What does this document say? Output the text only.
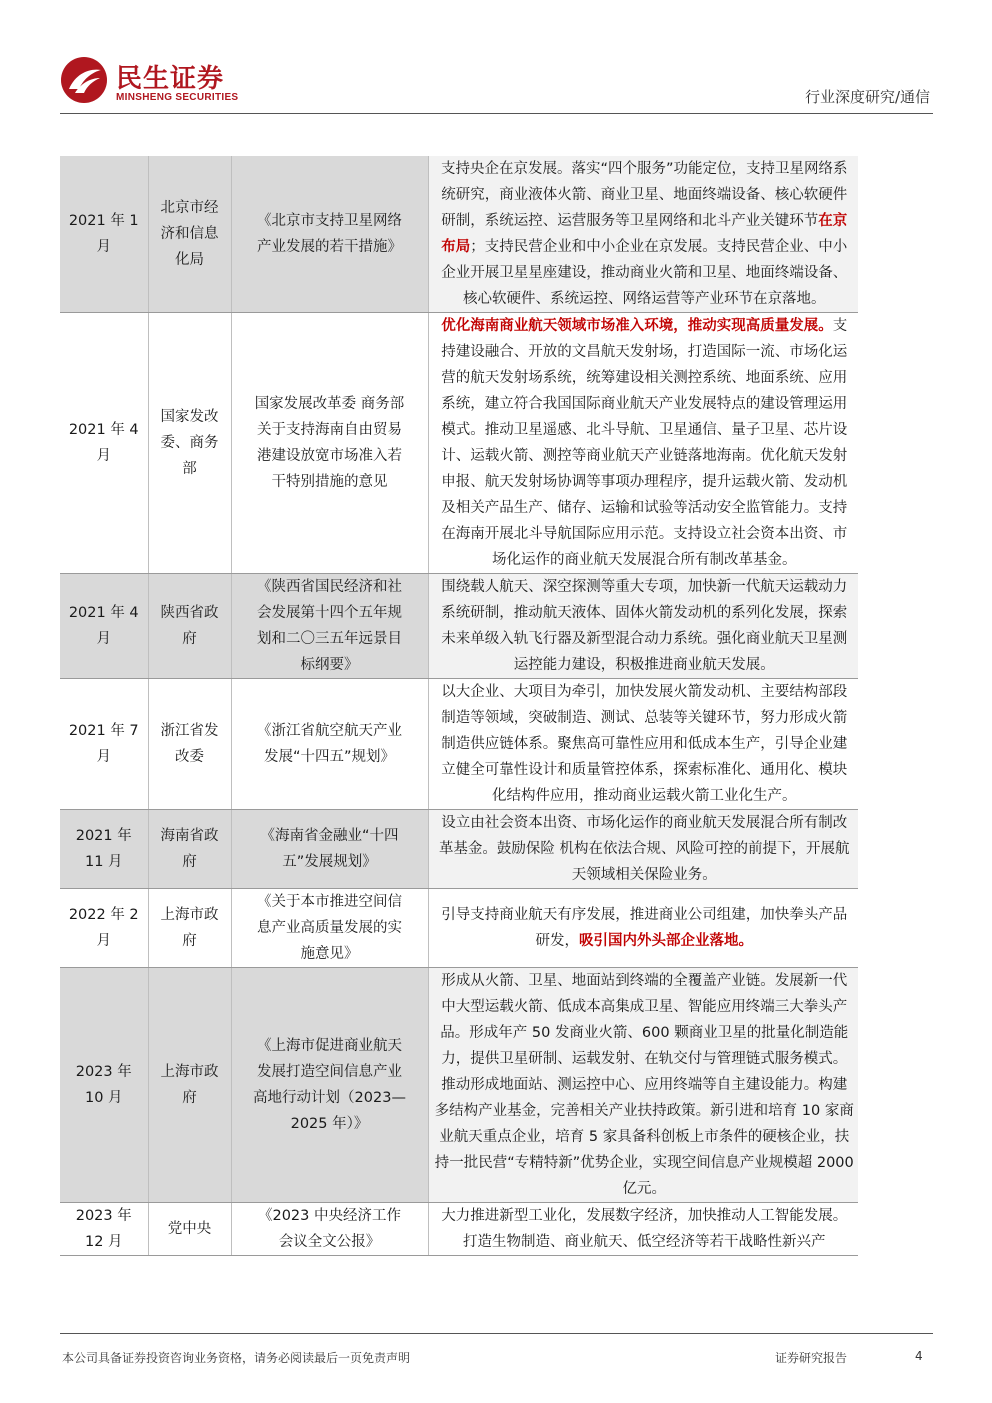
民生证券
MINSHENG SECURITIES	行业深度研究/通信
2021 年 1 月	北京市经济和信息化局	《北京市支持卫星网络产业发展的若干措施》	支持央企在京发展。落实“四个服务”功能定位，支持卫星网络系统研究，商业液体火箭、商业卫星、地面终端设备、核心软硬件研制，系统运控、运营服务等卫星网络和北斗产业关键环节在京布局；支持民营企业和中小企业在京发展。支持民营企业、中小企业开展卫星星座建设，推动商业火箭和卫星、地面终端设备、核心软硬件、系统运控、网络运营等产业环节在京落地。
2021 年 4 月	国家发改委、商务部	国家发展改革委 商务部关于支持海南自由贸易港建设放宽市场准入若干特别措施的意见	优化海南商业航天领域市场准入环境，推动实现高质量发展。支持建设融合、开放的文昌航天发射场，打造国际一流、市场化运营的航天发射场系统，统筹建设相关测控系统、地面系统、应用系统，建立符合我国国际商业航天产业发展特点的建设管理运用模式。推动卫星遥感、北斗导航、卫星通信、量子卫星、芯片设计、运载火箭、测控等商业航天产业链落地海南。优化航天发射申报、航天发射场协调等事项办理程序，提升运载火箭、发动机及相关产品生产、储存、运输和试验等活动安全监管能力。支持在海南开展北斗导航国际应用示范。支持设立社会资本出资、市场化运作的商业航天发展混合所有制改革基金。
2021 年 4 月	陕西省政府	《陕西省国民经济和社会发展第十四个五年规划和二〇三五年远景目标纲要》	围绕载人航天、深空探测等重大专项，加快新一代航天运载动力系统研制，推动航天液体、固体火箭发动机的系列化发展，探索未来单级入轨飞行器及新型混合动力系统。强化商业航天卫星测运控能力建设，积极推进商业航天发展。
2021 年 7 月	浙江省发改委	《浙江省航空航天产业发展“十四五”规划》	以大企业、大项目为牵引，加快发展火箭发动机、主要结构部段制造等领域，突破制造、测试、总装等关键环节，努力形成火箭制造供应链体系。聚焦高可靠性应用和低成本生产，引导企业建立健全可靠性设计和质量管控体系，探索标准化、通用化、模块化结构件应用，推动商业运载火箭工业化生产。
2021 年 11 月	海南省政府	《海南省金融业“十四五”发展规划》	设立由社会资本出资、市场化运作的商业航天发展混合所有制改革基金。鼓励保险 机构在依法合规、风险可控的前提下，开展航天领域相关保险业务。
2022 年 2 月	上海市政府	《关于本市推进空间信息产业高质量发展的实施意见》	引导支持商业航天有序发展，推进商业公司组建，加快拳头产品研发，吸引国内外头部企业落地。
2023 年 10 月	上海市政府	《上海市促进商业航天发展打造空间信息产业高地行动计划（2023—2025 年）》	形成从火箭、卫星、地面站到终端的全覆盖产业链。发展新一代中大型运载火箭、低成本高集成卫星、智能应用终端三大拳头产品。形成年产 50 发商业火箭、600 颗商业卫星的批量化制造能力，提供卫星研制、运载发射、在轨交付与管理链式服务模式。推动形成地面站、测运控中心、应用终端等自主建设能力。构建多结构产业基金，完善相关产业扶持政策。新引进和培育 10 家商业航天重点企业，培育 5 家具备科创板上市条件的硬核企业，扶持一批民营“专精特新”优势企业，实现空间信息产业规模超 2000 亿元。
2023 年 12 月	党中央	《2023 中央经济工作会议全文公报》	大力推进新型工业化，发展数字经济，加快推动人工智能发展。打造生物制造、商业航天、低空经济等若干战略性新兴产
本公司具备证券投资咨询业务资格，请务必阅读最后一页免责声明	证券研究报告	4
